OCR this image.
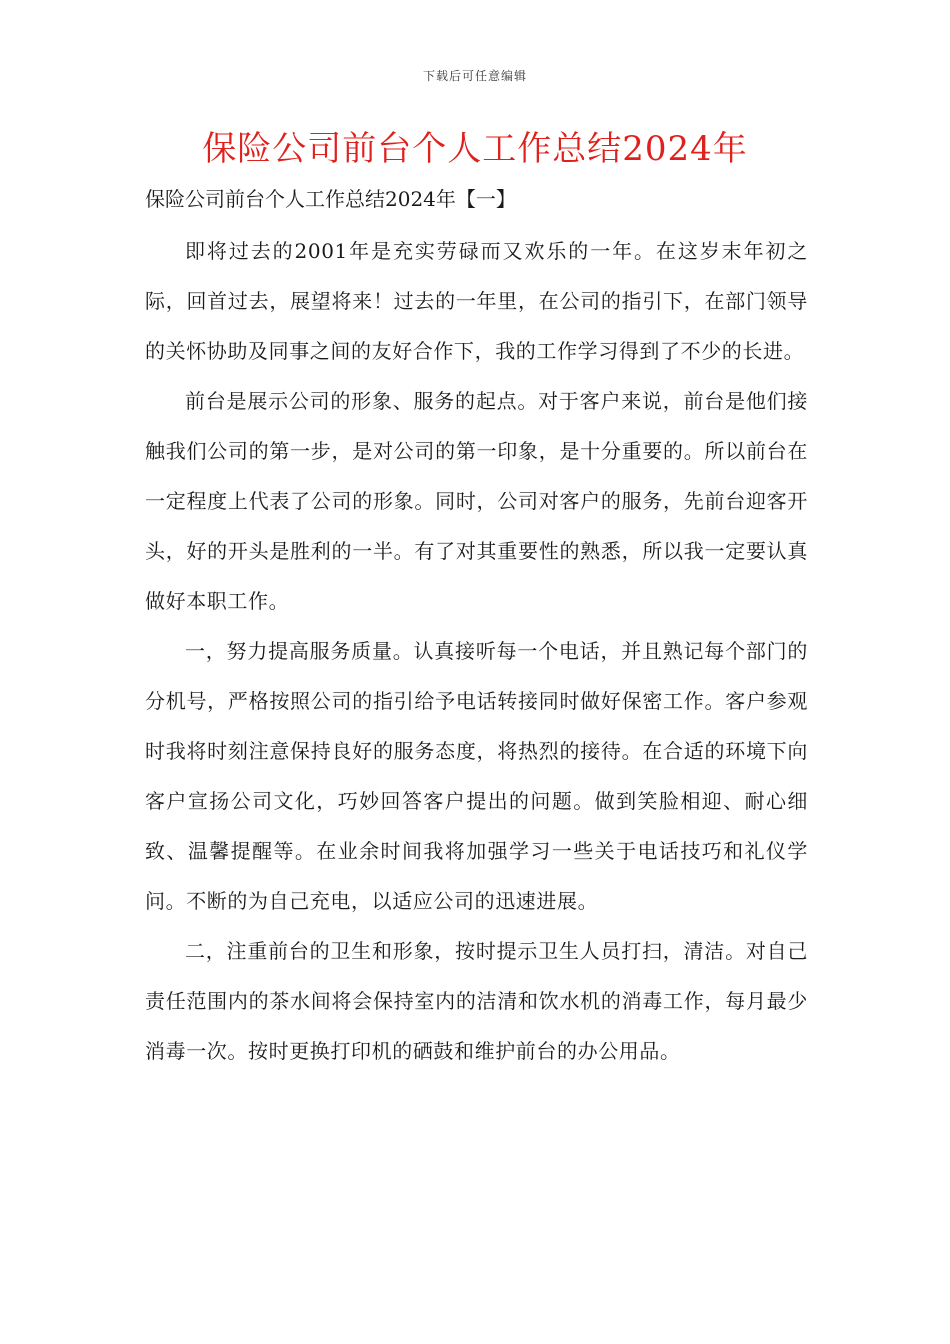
下载后可任意编辑
保险公司前台个人工作总结2024年
保险公司前台个人工作总结2024年【一】

即将过去的2001年是充实劳碌而又欢乐的一年。在这岁末年初之际，回首过去，展望将来！过去的一年里，在公司的指引下，在部门领导的关怀协助及同事之间的友好合作下，我的工作学习得到了不少的长进。

前台是展示公司的形象、服务的起点。对于客户来说，前台是他们接触我们公司的第一步，是对公司的第一印象，是十分重要的。所以前台在一定程度上代表了公司的形象。同时，公司对客户的服务，先前台迎客开头，好的开头是胜利的一半。有了对其重要性的熟悉，所以我一定要认真做好本职工作。

一，努力提高服务质量。认真接听每一个电话，并且熟记每个部门的分机号，严格按照公司的指引给予电话转接同时做好保密工作。客户参观时我将时刻注意保持良好的服务态度，将热烈的接待。在合适的环境下向客户宣扬公司文化，巧妙回答客户提出的问题。做到笑脸相迎、耐心细致、温馨提醒等。在业余时间我将加强学习一些关于电话技巧和礼仪学问。不断的为自己充电，以适应公司的迅速进展。

二，注重前台的卫生和形象，按时提示卫生人员打扫，清洁。对自己责任范围内的茶水间将会保持室内的洁清和饮水机的消毒工作，每月最少消毒一次。按时更换打印机的硒鼓和维护前台的办公用品。
